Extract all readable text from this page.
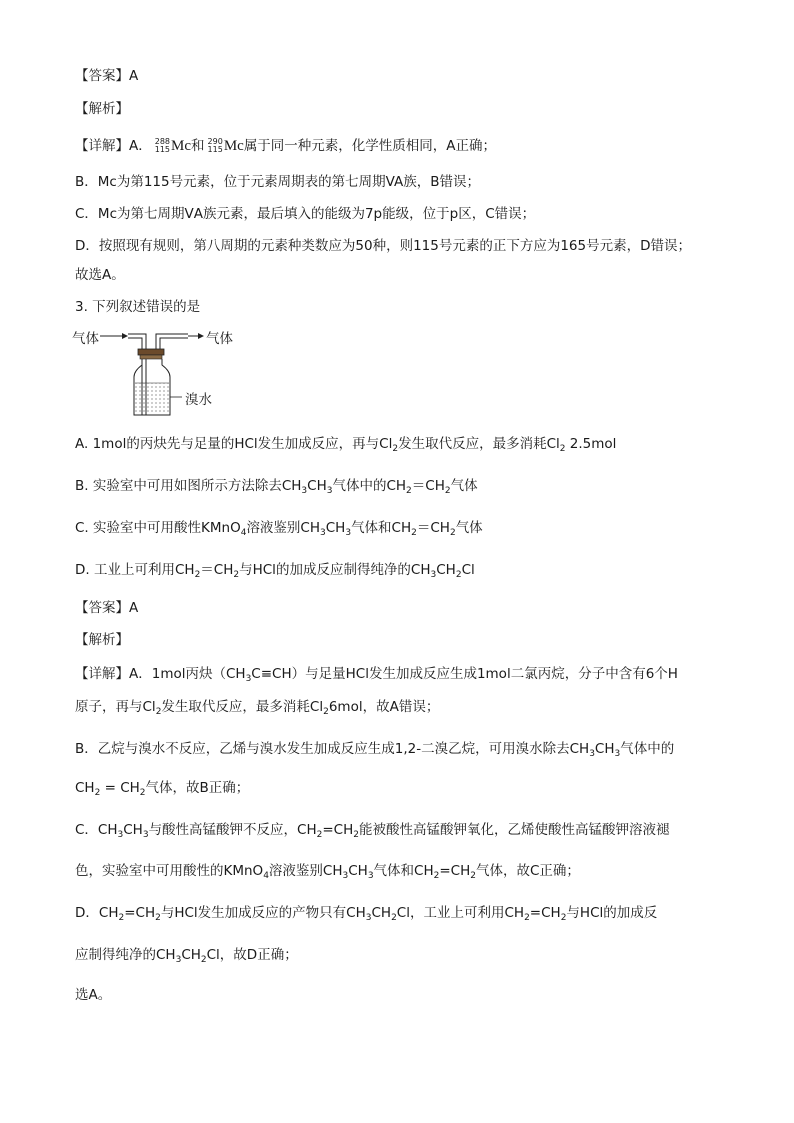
【答案】A
【解析】
【详解】A． 288
115 Mc和 290
115 Mc属于同一种元素，化学性质相同，A正确；
B．Mc为第115号元素，位于元素周期表的第七周期VA族，B错误；
C．Mc为第七周期ⅤA族元素，最后填入的能级为7p能级，位于p区，C错误；
D．按照现有规则，第八周期的元素种类数应为50种，则115号元素的正下方应为165号元素，D错误；
故选A。
3. 下列叙述错误的是
气体	气体
溴水
A. 1mol的丙炔先与足量的HCl发生加成反应，再与$Cl_2$发生取代反应，最多消耗$Cl_2$ 2.5mol
B. 实验室中可用如图所示方法除去$CH_3CH_3$气体中的$CH_2=CH_2$气体
C. 实验室中可用酸性KMnO$_4$溶液鉴别$CH_3CH_3$气体和$CH_2=CH_2$气体
D. 工业上可利用$CH_2=CH_2$与HCl的加成反应制得纯净的$CH_3CH_2Cl$
【答案】A
【解析】
【详解】A．1mol丙炔$(CH_3C\equiv CH)$与足量HCl发生加成反应生成1mol二氯丙烷，分子中含有6个H
原子，再与$Cl_2$发生取代反应，最多消耗$Cl_26mol$，故A错误；
B．乙烷与溴水不反应，乙烯与溴水发生加成反应生成1,2-二溴乙烷，可用溴水除去$CH_3CH_3$气体中的
$CH_2 = CH_2$气体，故B正确；
C．$CH_3CH_3$与酸性高锰酸钾不反应，$CH_2=CH_2$能被酸性高锰酸钾氧化，乙烯使酸性高锰酸钾溶液褪
色，实验室中可用酸性的KMnO$_4$溶液鉴别$CH_3CH_3$气体和$CH_2=CH_2$气体，故C正确；
D．$CH_2=CH_2$与HCl发生加成反应的产物只有$CH_3CH_2Cl$，工业上可利用$CH_2=CH_2$与HCl的加成反
应制得纯净的$CH_3CH_2Cl$，故D正确；
选A。
